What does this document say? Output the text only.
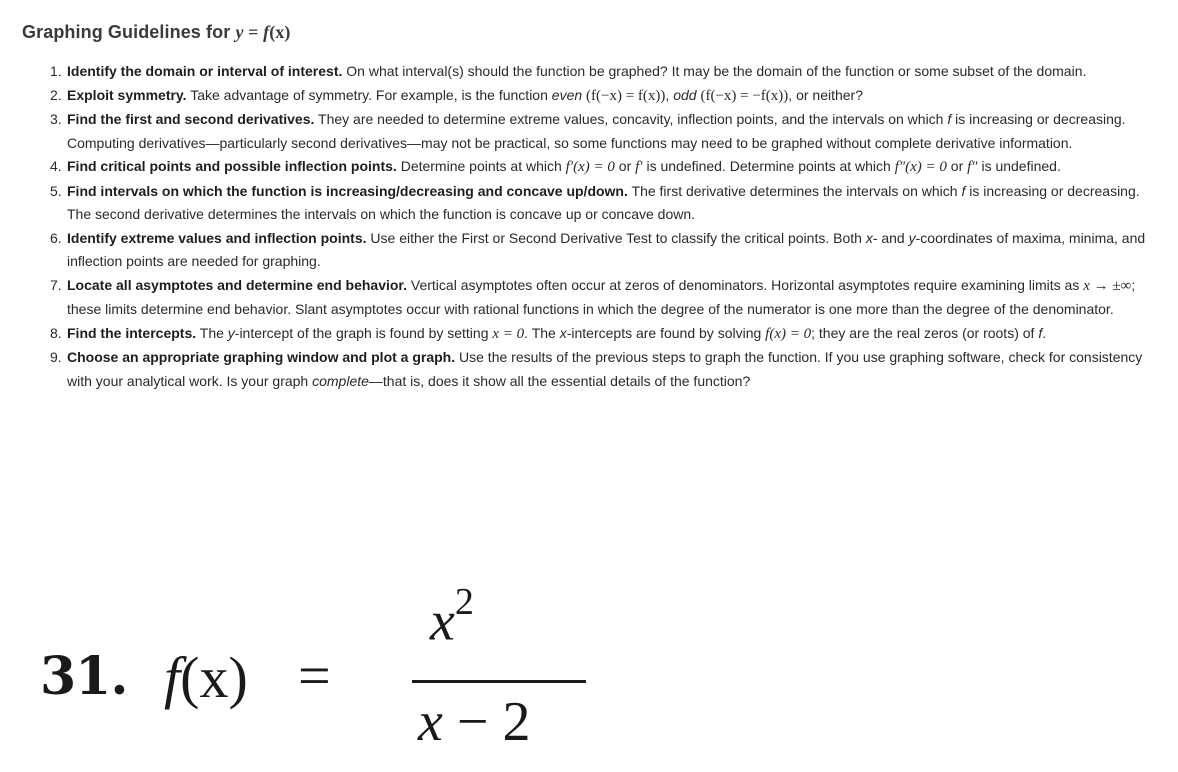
Graphing Guidelines for y = f(x)
1. Identify the domain or interval of interest. On what interval(s) should the function be graphed? It may be the domain of the function or some subset of the domain.
2. Exploit symmetry. Take advantage of symmetry. For example, is the function even (f(−x) = f(x)), odd (f(−x) = −f(x)), or neither?
3. Find the first and second derivatives. They are needed to determine extreme values, concavity, inflection points, and the intervals on which f is increasing or decreasing. Computing derivatives—particularly second derivatives—may not be practical, so some functions may need to be graphed without complete derivative information.
4. Find critical points and possible inflection points. Determine points at which f′(x) = 0 or f′ is undefined. Determine points at which f″(x) = 0 or f″ is undefined.
5. Find intervals on which the function is increasing/decreasing and concave up/down. The first derivative determines the intervals on which f is increasing or decreasing. The second derivative determines the intervals on which the function is concave up or concave down.
6. Identify extreme values and inflection points. Use either the First or Second Derivative Test to classify the critical points. Both x- and y-coordinates of maxima, minima, and inflection points are needed for graphing.
7. Locate all asymptotes and determine end behavior. Vertical asymptotes often occur at zeros of denominators. Horizontal asymptotes require examining limits as x → ±∞; these limits determine end behavior. Slant asymptotes occur with rational functions in which the degree of the numerator is one more than the degree of the denominator.
8. Find the intercepts. The y-intercept of the graph is found by setting x = 0. The x-intercepts are found by solving f(x) = 0; they are the real zeros (or roots) of f.
9. Choose an appropriate graphing window and plot a graph. Use the results of the previous steps to graph the function. If you use graphing software, check for consistency with your analytical work. Is your graph complete—that is, does it show all the essential details of the function?
31. f(x) =
$x^2$
x − 2
